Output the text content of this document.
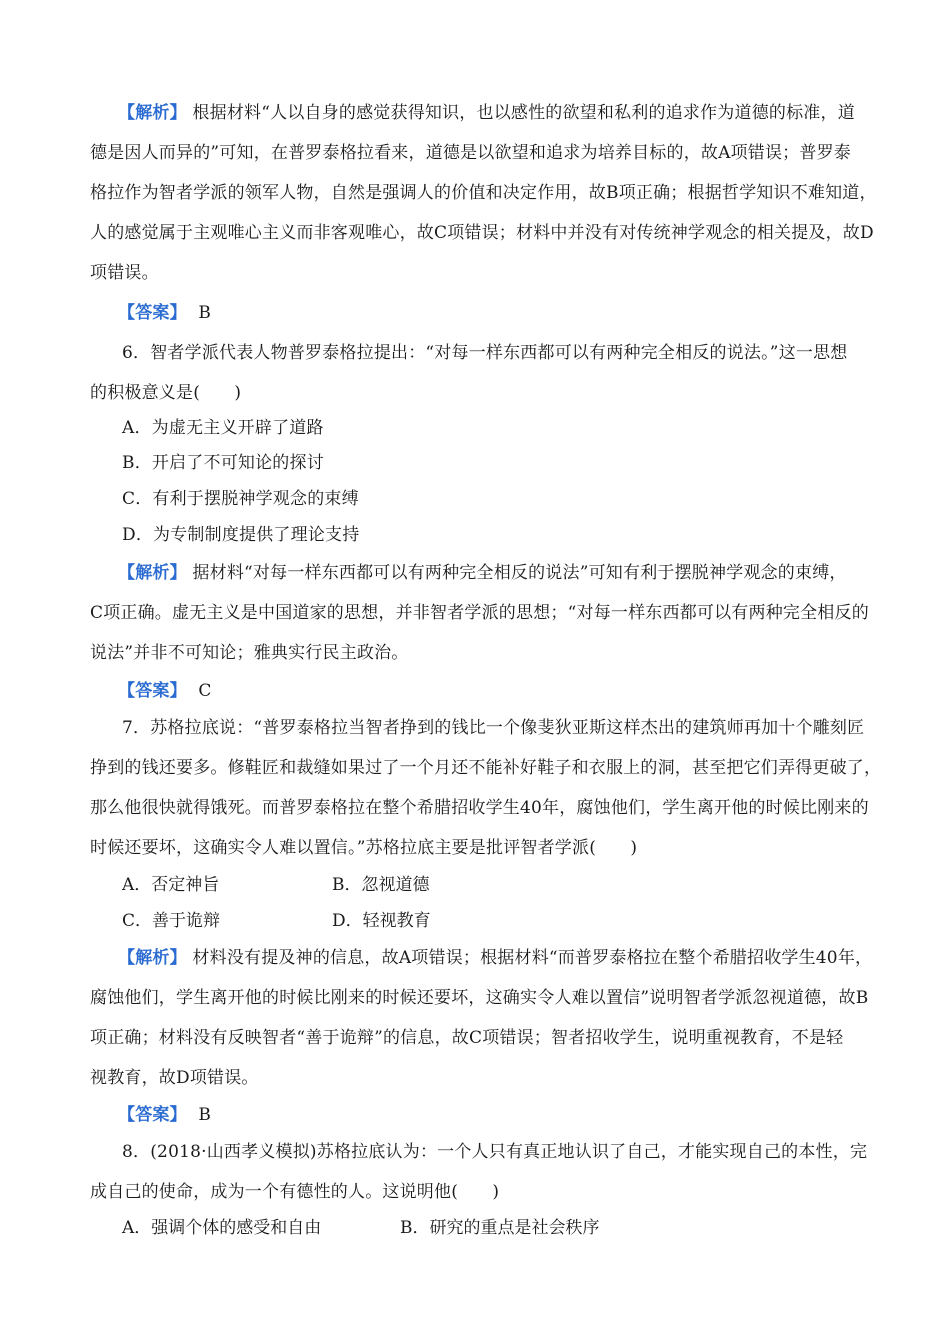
【解析】 根据材料“人以自身的感觉获得知识，也以感性的欲望和私利的追求作为道德的标准，道
德是因人而异的”可知，在普罗泰格拉看来，道德是以欲望和追求为培养目标的，故A项错误；普罗泰
格拉作为智者学派的领军人物，自然是强调人的价值和决定作用，故B项正确；根据哲学知识不难知道，
人的感觉属于主观唯心主义而非客观唯心，故C项错误；材料中并没有对传统神学观念的相关提及，故D
项错误。
【答案】 B
6．智者学派代表人物普罗泰格拉提出：“对每一样东西都可以有两种完全相反的说法。”这一思想
的积极意义是(　　)
A．为虚无主义开辟了道路
B．开启了不可知论的探讨
C．有利于摆脱神学观念的束缚
D．为专制制度提供了理论支持
【解析】 据材料“对每一样东西都可以有两种完全相反的说法”可知有利于摆脱神学观念的束缚，
C项正确。虚无主义是中国道家的思想，并非智者学派的思想；“对每一样东西都可以有两种完全相反的
说法”并非不可知论；雅典实行民主政治。
【答案】 C
7．苏格拉底说：“普罗泰格拉当智者挣到的钱比一个像斐狄亚斯这样杰出的建筑师再加十个雕刻匠
挣到的钱还要多。修鞋匠和裁缝如果过了一个月还不能补好鞋子和衣服上的洞，甚至把它们弄得更破了，
那么他很快就得饿死。而普罗泰格拉在整个希腊招收学生40年，腐蚀他们，学生离开他的时候比刚来的
时候还要坏，这确实令人难以置信。”苏格拉底主要是批评智者学派(　　)
A．否定神旨	B．忽视道德
C．善于诡辩	D．轻视教育
【解析】 材料没有提及神的信息，故A项错误；根据材料“而普罗泰格拉在整个希腊招收学生40年，
腐蚀他们，学生离开他的时候比刚来的时候还要坏，这确实令人难以置信”说明智者学派忽视道德，故B
项正确；材料没有反映智者“善于诡辩”的信息，故C项错误；智者招收学生，说明重视教育，不是轻
视教育，故D项错误。
【答案】 B
8．(2018·山西孝义模拟)苏格拉底认为：一个人只有真正地认识了自己，才能实现自己的本性，完
成自己的使命，成为一个有德性的人。这说明他(　　)
A．强调个体的感受和自由	B．研究的重点是社会秩序
